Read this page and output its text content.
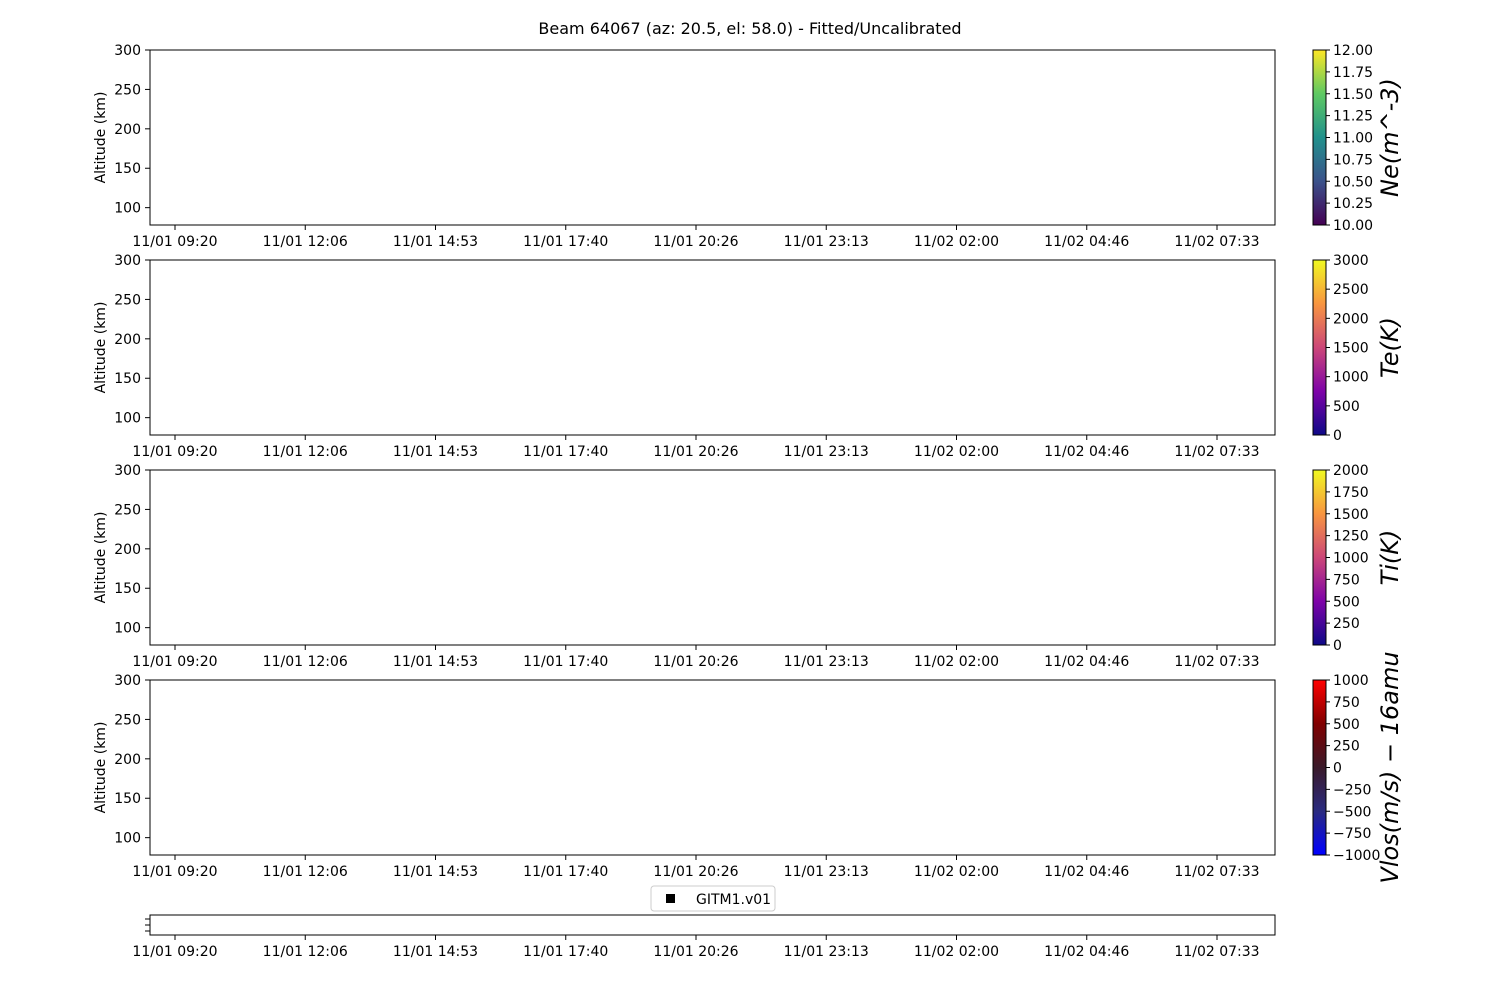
Beam 64067 (az: 20.5, el: 58.0) - Fitted/Uncalibrated
100
150
200
250
300
11/01 09:20	11/01 12:06	11/01 14:53	11/01 17:40	11/01 20:26	11/01 23:13	11/02 02:00	11/02 04:46	11/02 07:33
Altitude (km)
10.00
10.25
10.50
10.75
11.00
11.25
11.50
11.75
12.00
Ne(m^-3)
100
150
200
250
300
11/01 09:20	11/01 12:06	11/01 14:53	11/01 17:40	11/01 20:26	11/01 23:13	11/02 02:00	11/02 04:46	11/02 07:33
Altitude (km)
0
500
1000
1500
2000
2500
3000
Te(K)
100
150
200
250
300
11/01 09:20	11/01 12:06	11/01 14:53	11/01 17:40	11/01 20:26	11/01 23:13	11/02 02:00	11/02 04:46	11/02 07:33
Altitude (km)
0
250
500
750
1000
1250
1500
1750
2000
Ti(K)
100
150
200
250
300
11/01 09:20	11/01 12:06	11/01 14:53	11/01 17:40	11/01 20:26	11/01 23:13	11/02 02:00	11/02 04:46	11/02 07:33
Altitude (km)
−1000
−750
−500
−250
0
250
500
750
1000 Vlos(m/s) − 16amu
11/01 09:20	11/01 12:06	11/01 14:53	11/01 17:40	11/01 20:26	11/01 23:13	11/02 02:00	11/02 04:46	11/02 07:33
GITM1.v01
